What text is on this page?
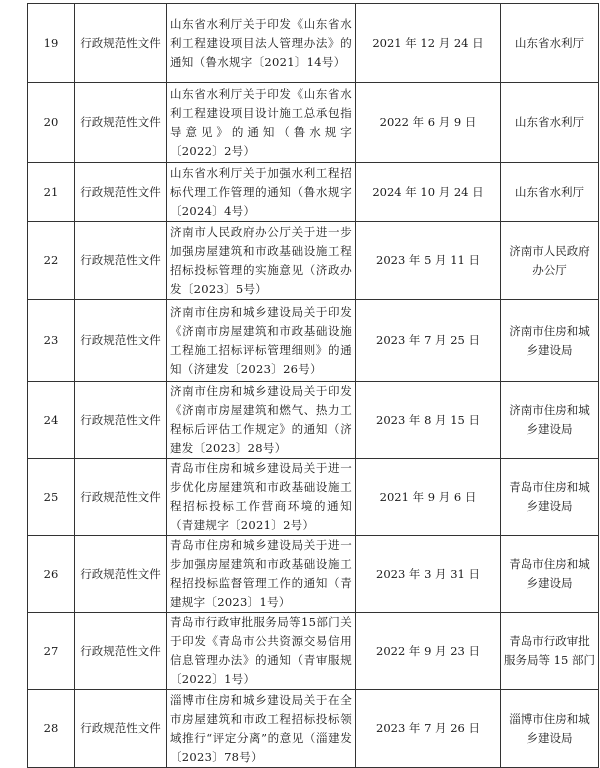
19	行政规范性文件	山东省水利厅关于印发《山东省水利工程建设项目法人管理办法》的通知（鲁水规字〔2021〕14号）	2021 年 12 月 24 日	山东省水利厅
20	行政规范性文件	山东省水利厅关于印发《山东省水利工程建设项目设计施工总承包指导意见》的通知（鲁水规字〔2022〕2号）	2022 年 6 月 9 日	山东省水利厅
21	行政规范性文件	山东省水利厅关于加强水利工程招标代理工作管理的通知（鲁水规字〔2024〕4号）	2024 年 10 月 24 日	山东省水利厅
22	行政规范性文件	济南市人民政府办公厅关于进一步加强房屋建筑和市政基础设施工程招标投标管理的实施意见（济政办发〔2023〕5号）	2023 年 5 月 11 日	济南市人民政府办公厅
23	行政规范性文件	济南市住房和城乡建设局关于印发《济南市房屋建筑和市政基础设施工程施工招标评标管理细则》的通知（济建发〔2023〕26号）	2023 年 7 月 25 日	济南市住房和城乡建设局
24	行政规范性文件	济南市住房和城乡建设局关于印发《济南市房屋建筑和燃气、热力工程标后评估工作规定》的通知（济建发〔2023〕28号）	2023 年 8 月 15 日	济南市住房和城乡建设局
25	行政规范性文件	青岛市住房和城乡建设局关于进一步优化房屋建筑和市政基础设施工程招标投标工作营商环境的通知（青建规字〔2021〕2号）	2021 年 9 月 6 日	青岛市住房和城乡建设局
26	行政规范性文件	青岛市住房和城乡建设局关于进一步加强房屋建筑和市政基础设施工程招投标监督管理工作的通知（青建规字〔2023〕1号）	2023 年 3 月 31 日	青岛市住房和城乡建设局
27	行政规范性文件	青岛市行政审批服务局等15部门关于印发《青岛市公共资源交易信用信息管理办法》的通知（青审服规〔2022〕1号）	2022 年 9 月 23 日	青岛市行政审批服务局等 15 部门
28	行政规范性文件	淄博市住房和城乡建设局关于在全市房屋建筑和市政工程招标投标领域推行“评定分离”的意见（淄建发〔2023〕78号）	2023 年 7 月 26 日	淄博市住房和城乡建设局
